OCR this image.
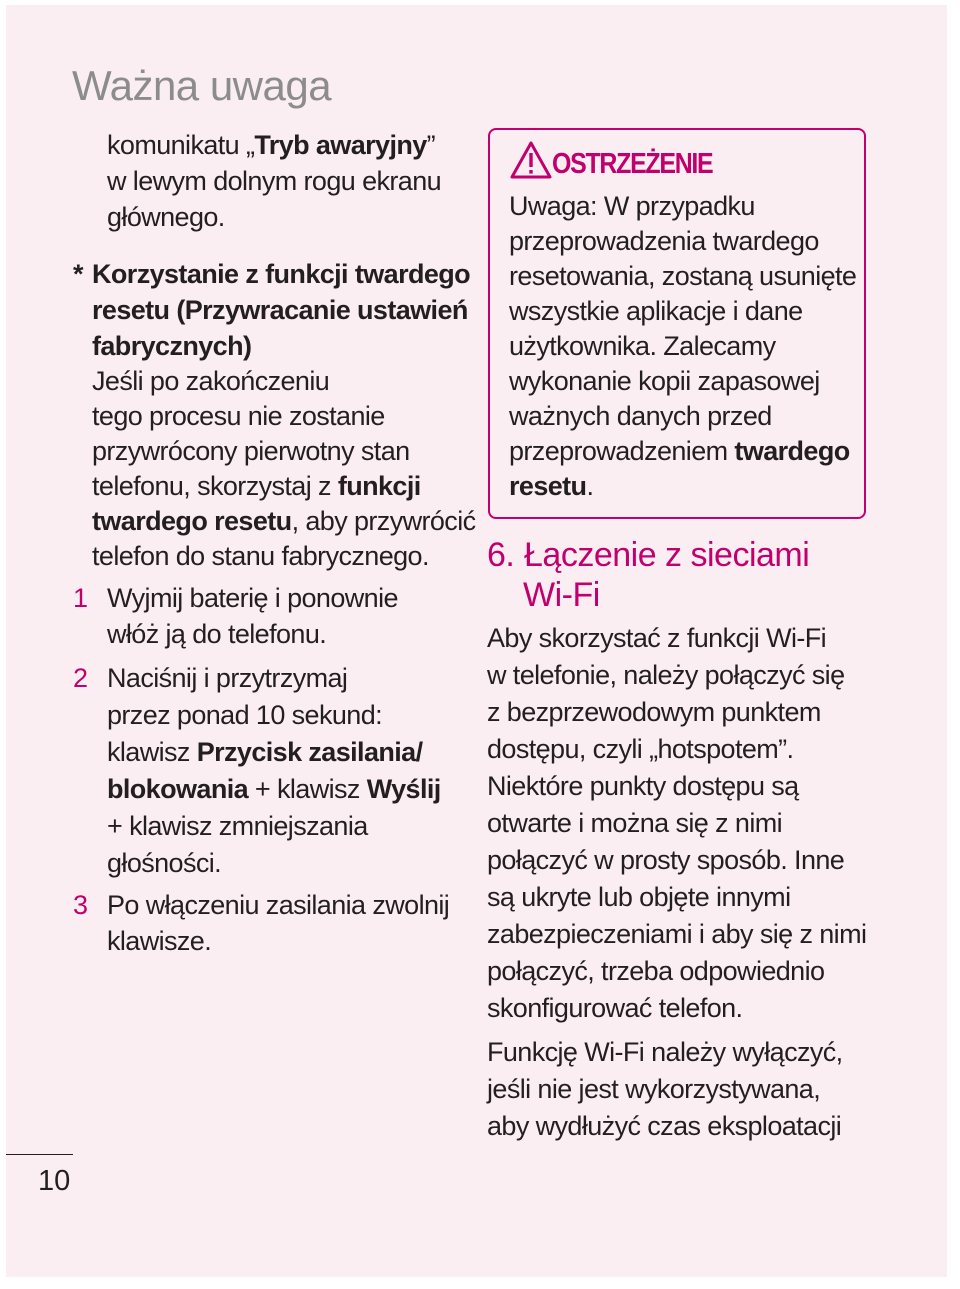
Ważna uwaga
komunikatu „Tryb awaryjny”
w lewym dolnym rogu ekranu
głównego.
* Korzystanie z funkcji twardego
resetu (Przywracanie ustawień
fabrycznych)
Jeśli po zakończeniu
tego procesu nie zostanie
przywrócony pierwotny stan
telefonu, skorzystaj z funkcji
twardego resetu, aby przywrócić
telefon do stanu fabrycznego.
1 Wyjmij baterię i ponownie
włóż ją do telefonu.
2 Naciśnij i przytrzymaj
przez ponad 10 sekund:
klawisz Przycisk zasilania/
blokowania + klawisz Wyślij
+ klawisz zmniejszania
głośności.
3 Po włączeniu zasilania zwolnij
klawisze.
OSTRZEŻENIE
Uwaga: W przypadku
przeprowadzenia twardego
resetowania, zostaną usunięte
wszystkie aplikacje i dane
użytkownika. Zalecamy
wykonanie kopii zapasowej
ważnych danych przed
przeprowadzeniem twardego
resetu.
6. Łączenie z sieciami
Wi-Fi
Aby skorzystać z funkcji Wi-Fi
w telefonie, należy połączyć się
z bezprzewodowym punktem
dostępu, czyli „hotspotem”.
Niektóre punkty dostępu są
otwarte i można się z nimi
połączyć w prosty sposób. Inne
są ukryte lub objęte innymi
zabezpieczeniami i aby się z nimi
połączyć, trzeba odpowiednio
skonfigurować telefon.
Funkcję Wi-Fi należy wyłączyć,
jeśli nie jest wykorzystywana,
aby wydłużyć czas eksploatacji
10
